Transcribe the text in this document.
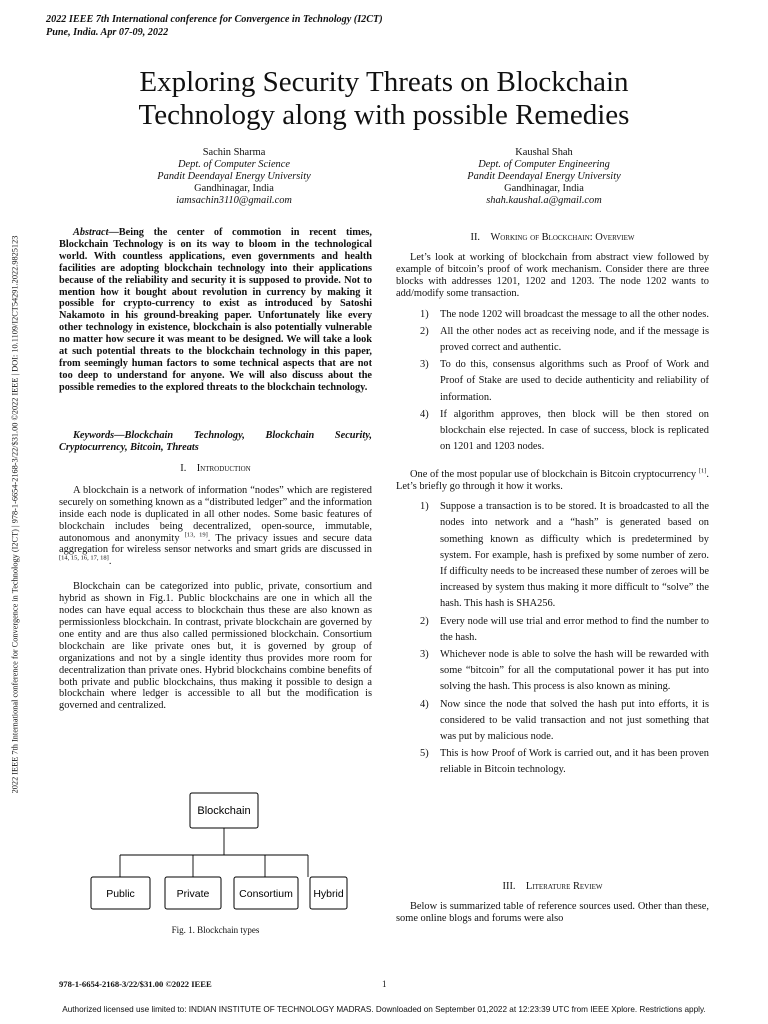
2022 IEEE 7th International conference for Convergence in Technology (I2CT)
Pune, India. Apr 07-09, 2022
Exploring Security Threats on Blockchain
Technology along with possible Remedies
Sachin Sharma
Dept. of Computer Science
Pandit Deendayal Energy University
Gandhinagar, India
iamsachin3110@gmail.com
Kaushal Shah
Dept. of Computer Engineering
Pandit Deendayal Energy University
Gandhinagar, India
shah.kaushal.a@gmail.com
2022 IEEE 7th International conference for Convergence in Technology (I2CT) | 978-1-6654-2168-3/22/$31.00 ©2022 IEEE | DOI: 10.1109/I2CT54291.2022.9825123
Abstract—Being the center of commotion in recent times, Blockchain Technology is on its way to bloom in the technological world. With countless applications, even governments and health facilities are adopting blockchain technology into their applications because of the reliability and security it is supposed to provide. Not to mention how it bought about revolution in currency by making it possible for crypto-currency to exist as introduced by Satoshi Nakamoto in his ground-breaking paper. Unfortunately like every other technology in existence, blockchain is also potentially vulnerable no matter how secure it was meant to be designed. We will take a look at such potential threats to the blockchain technology in this paper, from seemingly human factors to some technical aspects that are not too deep to understand for anyone. We will also discuss about the possible remedies to the explored threats to the blockchain technology.
Keywords—Blockchain Technology, Blockchain Security, Cryptocurrency, Bitcoin, Threats
I. Introduction

A blockchain is a network of information “nodes” which are registered securely on something known as a “distributed ledger” and the information inside each node is duplicated in all other nodes. Some basic features of blockchain includes being decentralized, open-source, immutable, autonomous and anonymity [13, 19]. The privacy issues and secure data aggregation for wireless sensor networks and smart grids are discussed in [14, 15, 16, 17, 18].

Blockchain can be categorized into public, private, consortium and hybrid as shown in Fig.1. Public blockchains are one in which all the nodes can have equal access to blockchain thus these are also known as permissionless blockchain. In contrast, private blockchain are governed by one entity and are thus also called permissioned blockchain. Consortium blockchain are like private ones but, it is governed by group of organizations and not by a single identity thus provides more room for decentralization than private ones. Hybrid blockchains combine benefits of both private and public blockchains, thus making it possible to design a blockchain where ledger is accessible to all but the modification is governed and centralized.

Blockchain
Public	Private	Consortium Hybrid
Fig. 1. Blockchain types
II. Working of Blockchain: Overview

Let’s look at working of blockchain from abstract view followed by example of bitcoin’s proof of work mechanism. Consider there are three blocks with addresses 1201, 1202 and 1203. The node 1202 wants to add/modify some transaction.

1) The node 1202 will broadcast the message to all the other nodes.
2) All the other nodes act as receiving node, and if the message is proved correct and authentic.
3) To do this, consensus algorithms such as Proof of Work and Proof of Stake are used to decide authenticity and reliability of information.
4) If algorithm approves, then block will be then stored on blockchain else rejected. In case of success, block is replicated on 1201 and 1203 nodes.

One of the most popular use of blockchain is Bitcoin cryptocurrency [1]. Let’s briefly go through it how it works.

1) Suppose a transaction is to be stored. It is broadcasted to all the nodes into network and a “hash” is generated based on something known as difficulty which is predetermined by system. For example, hash is prefixed by some number of zero. If difficulty needs to be increased these number of zeroes will be increased by system thus making it more difficult to “solve” the hash. This hash is SHA256.
2) Every node will use trial and error method to find the number to the hash.
3) Whichever node is able to solve the hash will be rewarded with some “bitcoin” for all the computational power it has put into solving the hash. This process is also known as mining.
4) Now since the node that solved the hash put into efforts, it is considered to be valid transaction and not just something that was put by malicious node.
5) This is how Proof of Work is carried out, and it has been proven reliable in Bitcoin technology.
III. Literature Review

Below is summarized table of reference sources used. Other than these, some online blogs and forums were also

978-1-6654-2168-3/22/$31.00 ©2022 IEEE	1
Authorized licensed use limited to: INDIAN INSTITUTE OF TECHNOLOGY MADRAS. Downloaded on September 01,2022 at 12:23:39 UTC from IEEE Xplore. Restrictions apply.
